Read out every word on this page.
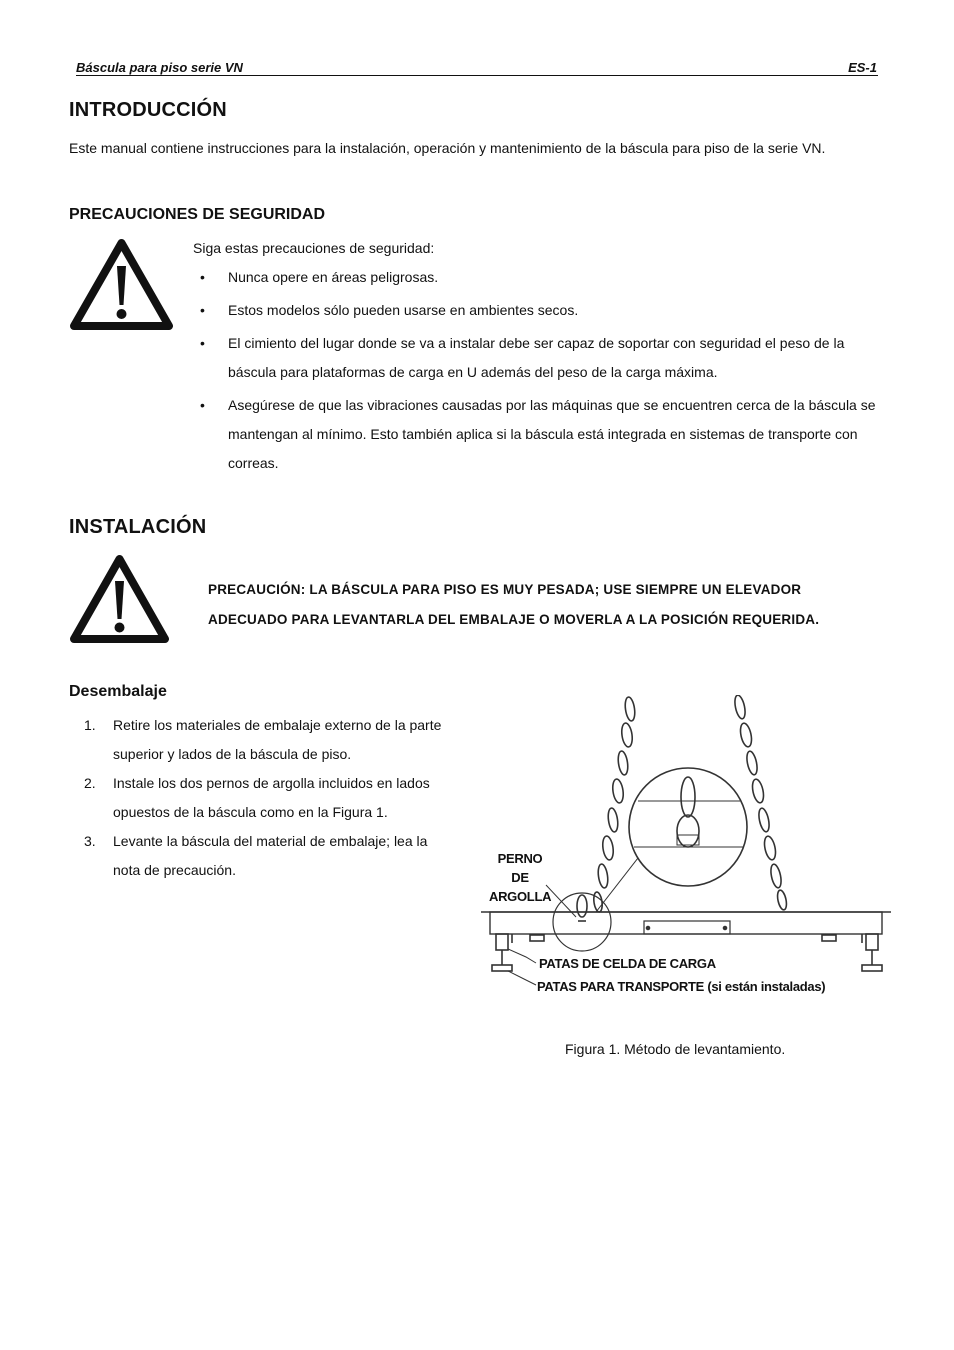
Báscula para piso serie VN	ES-1
INTRODUCCIÓN
Este manual contiene instrucciones para la instalación, operación y mantenimiento de la báscula para piso de la serie VN.
PRECAUCIONES DE SEGURIDAD
Siga estas precauciones de seguridad:
• Nunca opere en áreas peligrosas.
• Estos modelos sólo pueden usarse en ambientes secos.
• El cimiento del lugar donde se va a instalar debe ser capaz de soportar con seguridad el peso de la báscula para plataformas de carga en U además del peso de la carga máxima.
• Asegúrese de que las vibraciones causadas por las máquinas que se encuentren cerca de la báscula se mantengan al mínimo. Esto también aplica si la báscula está integrada en sistemas de transporte con correas.
INSTALACIÓN
PRECAUCIÓN: LA BÁSCULA PARA PISO ES MUY PESADA; USE SIEMPRE UN ELEVADOR ADECUADO PARA LEVANTARLA DEL EMBALAJE O MOVERLA A LA POSICIÓN REQUERIDA.
Desembalaje
1. Retire los materiales de embalaje externo de la parte superior y lados de la báscula de piso.
2. Instale los dos pernos de argolla incluidos en lados opuestos de la báscula como en la Figura 1.
3. Levante la báscula del material de embalaje; lea la nota de precaución.
PERNO DE
ARGOLLA
PATAS DE CELDA DE CARGA
PATAS PARA TRANSPORTE (si están instaladas)
Figura 1. Método de levantamiento.
